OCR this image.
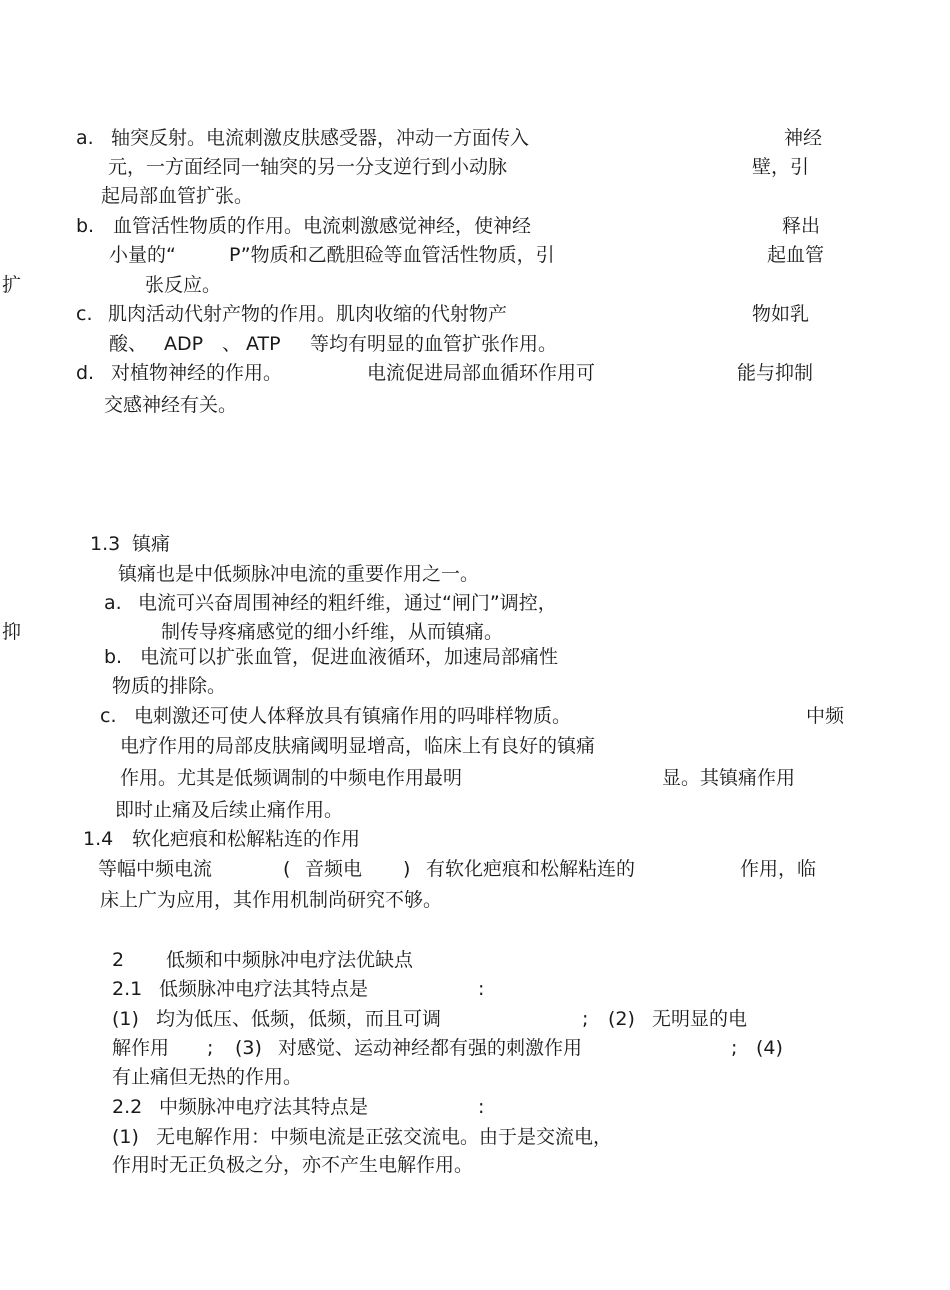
a. 轴突反射。电流刺激皮肤感受器，冲动一方面传入	神经
元，一方面经同一轴突的另一分支逆行到小动脉	壁，引
起局部血管扩张。
b. 血管活性物质的作用。电流刺激感觉神经，使神经	释出
小量的“	P”物质和乙酰胆硷等血管活性物质，引	起血管
扩	张反应。
c. 肌肉活动代射产物的作用。肌肉收缩的代射物产	物如乳
酸、 ADP 、 ATP 等均有明显的血管扩张作用。
d. 对植物神经的作用。	电流促进局部血循环作用可	能与抑制
交感神经有关。
1.3 镇痛
镇痛也是中低频脉冲电流的重要作用之一。
a. 电流可兴奋周围神经的粗纤维，通过“闸门”调控，
抑	制传导疼痛感觉的细小纤维，从而镇痛。
b. 电流可以扩张血管，促进血液循环，加速局部痛性
物质的排除。
c. 电刺激还可使人体释放具有镇痛作用的吗啡样物质。	中频
电疗作用的局部皮肤痛阈明显增高，临床上有良好的镇痛
作用。尤其是低频调制的中频电作用最明	显。其镇痛作用
即时止痛及后续止痛作用。
1.4 软化疤痕和松解粘连的作用
等幅中频电流	( 音频电 ) 有软化疤痕和松解粘连的	作用，临
床上广为应用，其作用机制尚研究不够。
2 低频和中频脉冲电疗法优缺点
2.1 低频脉冲电疗法其特点是	:
(1) 均为低压、低频，低频，而且可调	; (2) 无明显的电
解作用 ; (3) 对感觉、运动神经都有强的刺激作用	; (4)
有止痛但无热的作用。
2.2 中频脉冲电疗法其特点是	:
(1) 无电解作用：中频电流是正弦交流电。由于是交流电，
作用时无正负极之分，亦不产生电解作用。
